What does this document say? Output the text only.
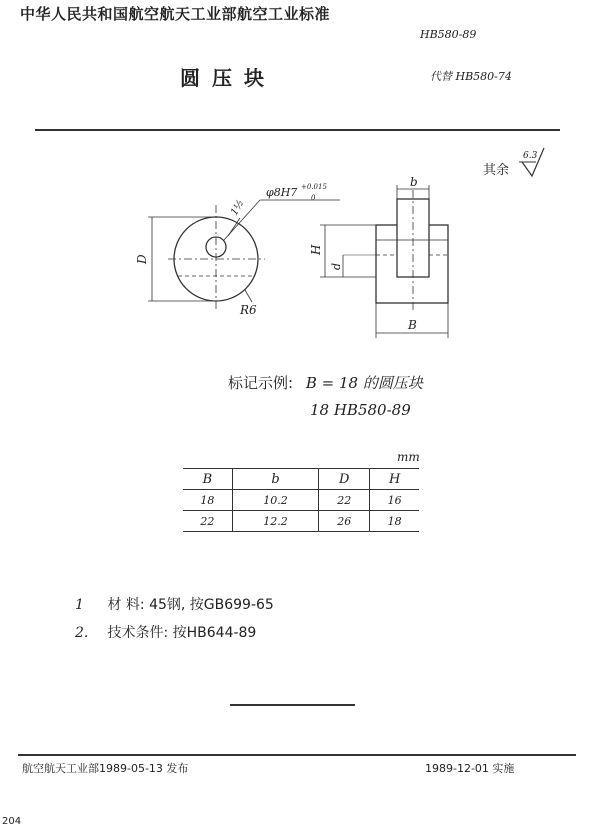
中华人民共和国航空航天工业部航空工业标准
HB580-89
圆压块	代替 HB580-74
其余
6.3
φ8H7 +0.015
0
1½
R6
D
H
d
b
B
标记示例: B = 18 的圆压块
18 HB580-89
mm
B	b	D	H
18	10.2	22	16
22	12.2	26	18
1 材 料: 45钢, 按GB699-65
2. 技术条件: 按HB644-89
航空航天工业部1989-05-13 发布	1989-12-01 实施
204
